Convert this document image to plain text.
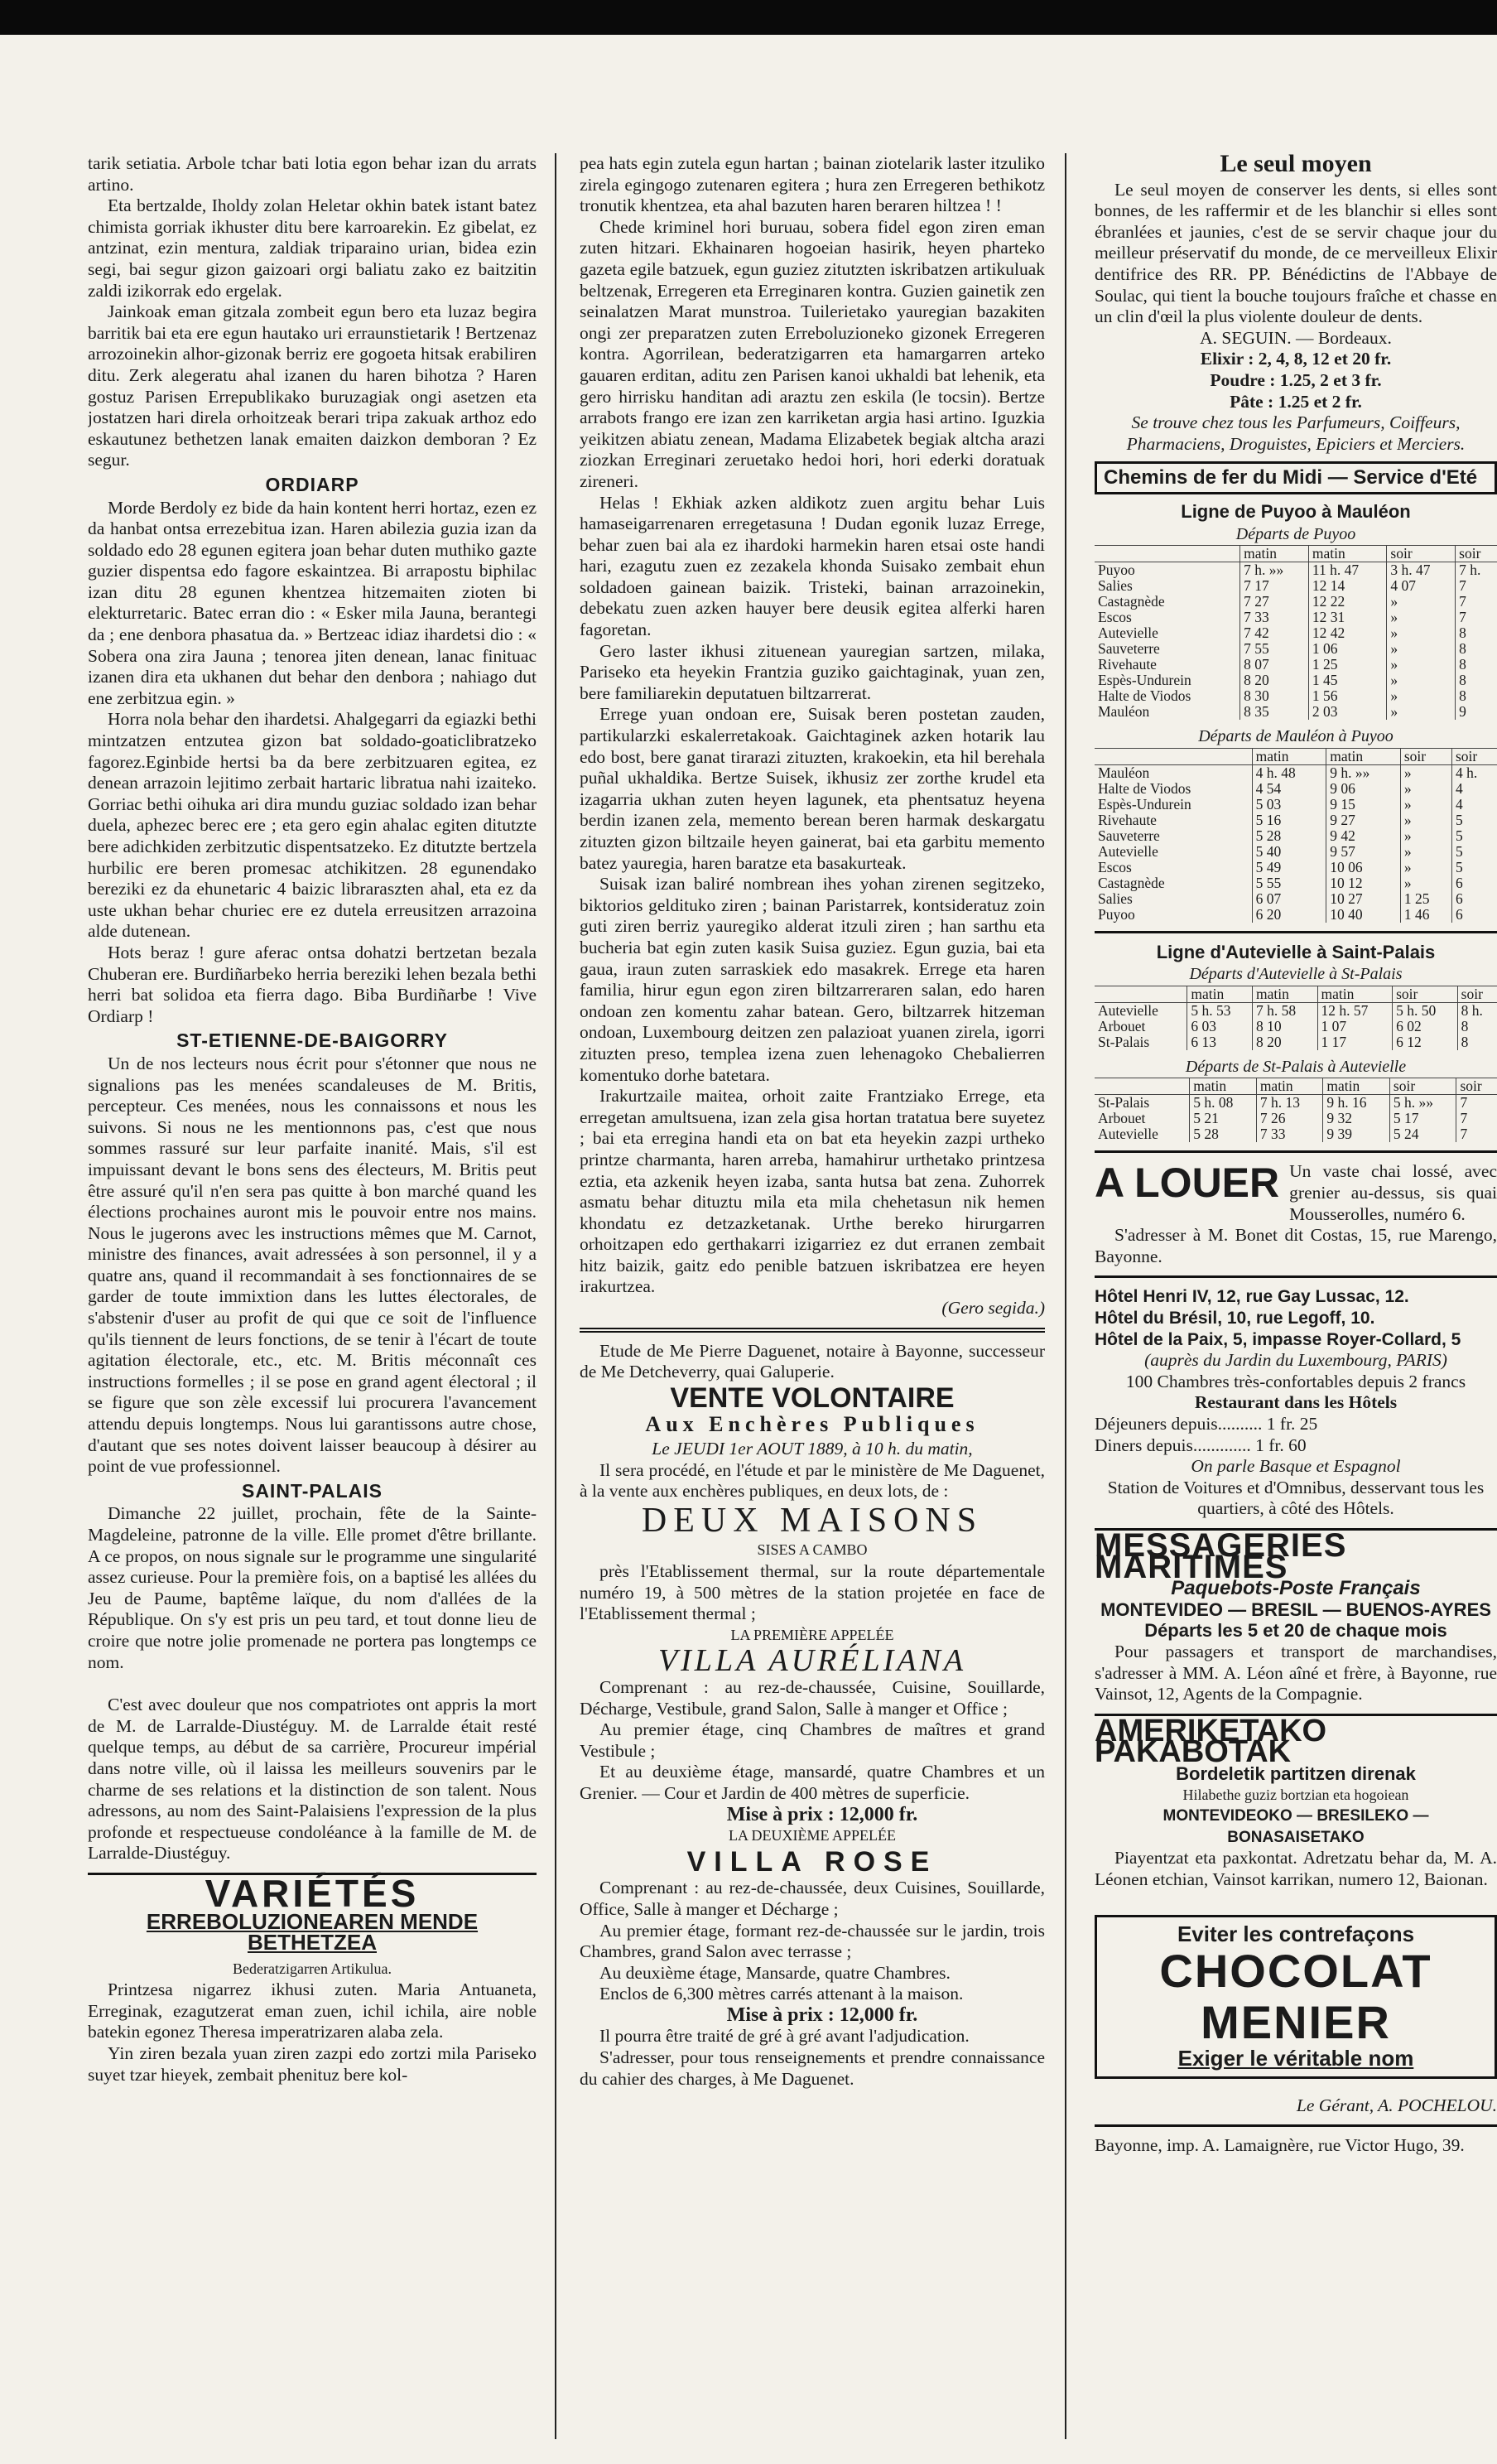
tarik setiatia. Arbole tchar bati lotia egon behar izan du arrats artino.

Eta bertzalde, Iholdy zolan Heletar okhin batek istant batez chimista gorriak ikhuster ditu bere karroarekin. Ez gibelat, ez antzinat, ezin mentura, zaldiak triparaino urian, bidea ezin segi, bai segur gizon gaizoari orgi baliatu zako ez baitzitin zaldi izikorrak edo ergelak.

Jainkoak eman gitzala zombeit egun bero eta luzaz begira barritik bai eta ere egun hautako uri erraunstietarik ! Bertzenaz arrozoinekin alhor-gizonak berriz ere gogoeta hitsak erabiliren ditu. Zerk alegeratu ahal izanen du haren bihotza ? Haren gostuz Parisen Errepublikako buruzagiak ongi asetzen eta jostatzen hari direla orhoitzeak berari tripa zakuak arthoz edo eskautunez bethetzen lanak emaiten daizkon demboran ? Ez segur.

ORDIARP

Morde Berdoly ez bide da hain kontent herri hortaz, ezen ez da hanbat ontsa errezebitua izan. Haren abilezia guzia izan da soldado edo 28 egunen egitera joan behar duten muthiko gazte guzier dispentsa edo fagore eskaintzea. Bi arrapostu biphilac izan ditu 28 egunen khentzea hitzemaiten zioten bi elekturretaric. Batec erran dio : « Esker mila Jauna, berantegi da ; ene denbora phasatua da. » Bertzeac idiaz ihardetsi dio : « Sobera ona zira Jauna ; tenorea jiten denean, lanac finituac izanen dira eta ukhanen dut behar den denbora ; nahiago dut ene zerbitzua egin. »

Horra nola behar den ihardetsi. Ahalgegarri da egiazki bethi mintzatzen entzutea gizon bat soldado-goaticlibratzeko fagorez.Eginbide hertsi ba da bere zerbitzuaren egitea, ez denean arrazoin lejitimo zerbait hartaric libratua nahi izaiteko. Gorriac bethi oihuka ari dira mundu guziac soldado izan behar duela, aphezec berec ere ; eta gero egin ahalac egiten ditutzte bere adichkiden zerbitzutic dispentsatzeko. Ez ditutzte bertzela hurbilic ere beren promesac atchikitzen. 28 egunendako bereziki ez da ehunetaric 4 baizic libraraszten ahal, eta ez da uste ukhan behar churiec ere ez dutela erreusitzen arrazoina alde dutenean.

Hots beraz ! gure aferac ontsa dohatzi bertzetan bezala Chuberan ere. Burdiñarbeko herria bereziki lehen bezala bethi herri bat solidoa eta fierra dago. Biba Burdiñarbe ! Vive Ordiarp !

ST-ETIENNE-DE-BAIGORRY

Un de nos lecteurs nous écrit pour s'étonner que nous ne signalions pas les menées scandaleuses de M. Britis, percepteur. Ces menées, nous les connaissons et nous les suivons. Si nous ne les mentionnons pas, c'est que nous sommes rassuré sur leur parfaite inanité. Mais, s'il est impuissant devant le bons sens des électeurs, M. Britis peut être assuré qu'il n'en sera pas quitte à bon marché quand les élections prochaines auront mis le pouvoir entre nos mains. Nous le jugerons avec les instructions mêmes que M. Carnot, ministre des finances, avait adressées à son personnel, il y a quatre ans, quand il recommandait à ses fonctionnaires de se garder de toute immixtion dans les luttes électorales, de s'abstenir d'user au profit de qui que ce soit de l'influence qu'ils tiennent de leurs fonctions, de se tenir à l'écart de toute agitation électorale, etc., etc. M. Britis méconnaît ces instructions formelles ; il se pose en grand agent électoral ; il se figure que son zèle excessif lui procurera l'avancement attendu depuis longtemps. Nous lui garantissons autre chose, d'autant que ses notes doivent laisser beaucoup à désirer au point de vue professionnel.

SAINT-PALAIS

Dimanche 22 juillet, prochain, fête de la Sainte-Magdeleine, patronne de la ville. Elle promet d'être brillante. A ce propos, on nous signale sur le programme une singularité assez curieuse. Pour la première fois, on a baptisé les allées du Jeu de Paume, baptême laïque, du nom d'allées de la République. On s'y est pris un peu tard, et tout donne lieu de croire que notre jolie promenade ne portera pas longtemps ce nom.

C'est avec douleur que nos compatriotes ont appris la mort de M. de Larralde-Diustéguy. M. de Larralde était resté quelque temps, au début de sa carrière, Procureur impérial dans notre ville, où il laissa les meilleurs souvenirs par le charme de ses relations et la distinction de son talent. Nous adressons, au nom des Saint-Palaisiens l'expression de la plus profonde et respectueuse condoléance à la famille de M. de Larralde-Diustéguy.

VARIÉTÉS
ERREBOLUZIONEAREN MENDE BETHETZEA

Bederatzigarren Artikulua.

Printzesa nigarrez ikhusi zuten. Maria Antuaneta, Erreginak, ezagutzerat eman zuen, ichil ichila, aire noble batekin egonez Theresa imperatrizaren alaba zela.

Yin ziren bezala yuan ziren zazpi edo zortzi mila Pariseko suyet tzar hieyek, zembait phenituz bere kol-

pea hats egin zutela egun hartan ; bainan ziotelarik laster itzuliko zirela egingogo zutenaren egitera ; hura zen Erregeren bethikotz tronutik khentzea, eta ahal bazuten haren beraren hiltzea ! !

Chede kriminel hori buruau, sobera fidel egon ziren eman zuten hitzari. Ekhainaren hogoeian hasirik, heyen pharteko gazeta egile batzuek, egun guziez zitutzten iskribatzen artikuluak beltzenak, Erregeren eta Erreginaren kontra. Guzien gainetik zen seinalatzen Marat munstroa. Tuilerietako yauregian bazakiten ongi zer preparatzen zuten Erreboluzioneko gizonek Erregeren kontra. Agorrilean, bederatzigarren eta hamargarren arteko gauaren erditan, aditu zen Parisen kanoi ukhaldi bat lehenik, eta gero hirrisku handitan adi araztu zen eskila (le tocsin). Bertze arrabots frango ere izan zen karriketan argia hasi artino. Iguzkia yeikitzen abiatu zenean, Madama Elizabetek begiak altcha arazi ziozkan Erreginari zeruetako hedoi hori, hori ederki doratuak zireneri.

Helas ! Ekhiak azken aldikotz zuen argitu behar Luis hamaseigarrenaren erregetasuna ! Dudan egonik luzaz Errege, behar zuen bai ala ez ihardoki harmekin haren etsai oste handi hari, ezagutu zuen ez zezakela khonda Suisako zembait ehun soldadoen gainean baizik. Tristeki, bainan arrazoinekin, debekatu zuen azken hauyer bere deusik egitea alferki haren fagoretan.

Gero laster ikhusi zituenean yauregian sartzen, milaka, Pariseko eta heyekin Frantzia guziko gaichtaginak, yuan zen, bere familiarekin deputatuen biltzarrerat.

Errege yuan ondoan ere, Suisak beren postetan zauden, partikularzki eskalerretakoak. Gaichtaginek azken hotarik lau edo bost, bere ganat tirarazi zituzten, krakoekin, eta hil berehala puñal ukhaldika. Bertze Suisek, ikhusiz zer zorthe krudel eta izagarria ukhan zuten heyen lagunek, eta phentsatuz heyena berdin izanen zela, memento berean beren harmak deskargatu zituzten gizon biltzaile heyen gainerat, bai eta garbitu memento batez yauregia, haren baratze eta basakurteak.

Suisak izan baliré nombrean ihes yohan zirenen segitzeko, biktorios geldituko ziren ; bainan Paristarrek, kontsideratuz zoin guti ziren berriz yauregiko alderat itzuli ziren ; han sarthu eta bucheria bat egin zuten kasik Suisa guziez. Egun guzia, bai eta gaua, iraun zuten sarraskiek edo masakrek. Errege eta haren familia, hirur egun egon ziren biltzarreraren salan, edo haren ondoan zen komentu zahar batean. Gero, biltzarrek hitzeman ondoan, Luxembourg deitzen zen palazioat yuanen zirela, igorri zituzten preso, templea izena zuen lehenagoko Chebalierren komentuko dorhe batetara.

Irakurtzaile maitea, orhoit zaite Frantziako Errege, eta erregetan amultsuena, izan zela gisa hortan tratatua bere suyetez ; bai eta erregina handi eta on bat eta heyekin zazpi urtheko printze charmanta, haren arreba, hamahirur urthetako printzesa eztia, eta azkenik heyen izaba, santa hutsa bat zena. Zuhorrek asmatu behar dituztu mila eta mila chehetasun nik hemen khondatu ez detzazketanak. Urthe bereko hirurgarren orhoitzapen edo gerthakarri izigarriez ez dut erranen zembait hitz baizik, gaitz edo penible batzuen iskribatzea ere heyen irakurtzea.

(Gero segida.)

Etude de Me Pierre Daguenet, notaire à Bayonne, successeur de Me Detcheverry, quai Galuperie.

VENTE VOLONTAIRE
Aux Enchères Publiques

Le JEUDI 1er AOUT 1889, à 10 h. du matin,

Il sera procédé, en l'étude et par le ministère de Me Daguenet, à la vente aux enchères publiques, en deux lots, de :

DEUX MAISONS

SISES A CAMBO

près l'Etablissement thermal, sur la route départementale numéro 19, à 500 mètres de la station projetée en face de l'Etablissement thermal ;

LA PREMIÈRE APPELÉE

VILLA AURÉLIANA

Comprenant : au rez-de-chaussée, Cuisine, Souillarde, Décharge, Vestibule, grand Salon, Salle à manger et Office ;

Au premier étage, cinq Chambres de maîtres et grand Vestibule ;

Et au deuxième étage, mansardé, quatre Chambres et un Grenier. — Cour et Jardin de 400 mètres de superficie.

Mise à prix : 12,000 fr.

LA DEUXIÈME APPELÉE

VILLA ROSE

Comprenant : au rez-de-chaussée, deux Cuisines, Souillarde, Office, Salle à manger et Décharge ;

Au premier étage, formant rez-de-chaussée sur le jardin, trois Chambres, grand Salon avec terrasse ;

Au deuxième étage, Mansarde, quatre Chambres.

Enclos de 6,300 mètres carrés attenant à la maison.

Mise à prix : 12,000 fr.

Il pourra être traité de gré à gré avant l'adjudication.

S'adresser, pour tous renseignements et prendre connaissance du cahier des charges, à Me Daguenet.

Le seul moyen

Le seul moyen de conserver les dents, si elles sont bonnes, de les raffermir et de les blanchir si elles sont ébranlées et jaunies, c'est de se servir chaque jour du meilleur préservatif du monde, de ce merveilleux Elixir dentifrice des RR. PP. Bénédictins de l'Abbaye de Soulac, qui tient la bouche toujours fraîche et chasse en un clin d'œil la plus violente douleur de dents.

A. SEGUIN. — Bordeaux.

Elixir : 2, 4, 8, 12 et 20 fr.

Poudre : 1.25, 2 et 3 fr.

Pâte : 1.25 et 2 fr.

Se trouve chez tous les Parfumeurs, Coiffeurs, Pharmaciens, Droguistes, Epiciers et Merciers.

Chemins de fer du Midi — Service d'Eté
Ligne de Puyoo à Mauléon
Départs de Puyoo
	matin	matin	soir	soir
Puyoo	7 h. »»	11 h. 47	3 h. 47	7 h.
Salies	7 17	12 14	4 07	7
Castagnède	7 27	12 22	»	7
Escos	7 33	12 31	»	7
Autevielle	7 42	12 42	»	8
Sauveterre	7 55	1 06	»	8
Rivehaute	8 07	1 25	»	8
Espès-Undurein	8 20	1 45	»	8
Halte de Viodos	8 30	1 56	»	8
Mauléon	8 35	2 03	»	9
Départs de Mauléon à Puyoo
	matin	matin	soir	soir
Mauléon	4 h. 48	9 h. »»	»	4 h.
Halte de Viodos	4 54	9 06	»	4
Espès-Undurein	5 03	9 15	»	4
Rivehaute	5 16	9 27	»	5
Sauveterre	5 28	9 42	»	5
Autevielle	5 40	9 57	»	5
Escos	5 49	10 06	»	5
Castagnède	5 55	10 12	»	6
Salies	6 07	10 27	1 25	6
Puyoo	6 20	10 40	1 46	6
Ligne d'Autevielle à Saint-Palais
Départs d'Autevielle à St-Palais
	matin	matin	matin	soir	soir
Autevielle	5 h. 53	7 h. 58	12 h. 57	5 h. 50	8 h.
Arbouet	6 03	8 10	1 07	6 02	8
St-Palais	6 13	8 20	1 17	6 12	8
Départs de St-Palais à Autevielle
	matin	matin	matin	soir	soir
St-Palais	5 h. 08	7 h. 13	9 h. 16	5 h. »»	7
Arbouet	5 21	7 26	9 32	5 17	7
Autevielle	5 28	7 33	9 39	5 24	7
A LOUER Un vaste chai lossé, avec grenier au-dessus, sis quai Mousserolles, numéro 6.

S'adresser à M. Bonet dit Costas, 15, rue Marengo, Bayonne.

Hôtel Henri IV, 12, rue Gay Lussac, 12.

Hôtel du Brésil, 10, rue Legoff, 10.

Hôtel de la Paix, 5, impasse Royer-Collard, 5

(auprès du Jardin du Luxembourg, PARIS)

100 Chambres très-confortables depuis 2 francs

Restaurant dans les Hôtels

Déjeuners depuis.......... 1 fr. 25

Diners depuis............. 1 fr. 60

On parle Basque et Espagnol

Station de Voitures et d'Omnibus, desservant tous les quartiers, à côté des Hôtels.

MESSAGERIES MARITIMES
Paquebots-Poste Français
MONTEVIDEO — BRESIL — BUENOS-AYRES
Départs les 5 et 20 de chaque mois

Pour passagers et transport de marchandises, s'adresser à MM. A. Léon aîné et frère, à Bayonne, rue Vainsot, 12, Agents de la Compagnie.

AMERIKETAKO PAKABOTAK
Bordeletik partitzen direnak

Hilabethe guziz bortzian eta hogoiean

MONTEVIDEOKO — BRESILEKO — BONASAISETAKO

Piayentzat eta paxkontat. Adretzatu behar da, M. A. Léonen etchian, Vainsot karrikan, numero 12, Baionan.

Eviter les contrefaçons
CHOCOLAT
MENIER
Exiger le véritable nom

Le Gérant, A. POCHELOU.

Bayonne, imp. A. Lamaignère, rue Victor Hugo, 39.
